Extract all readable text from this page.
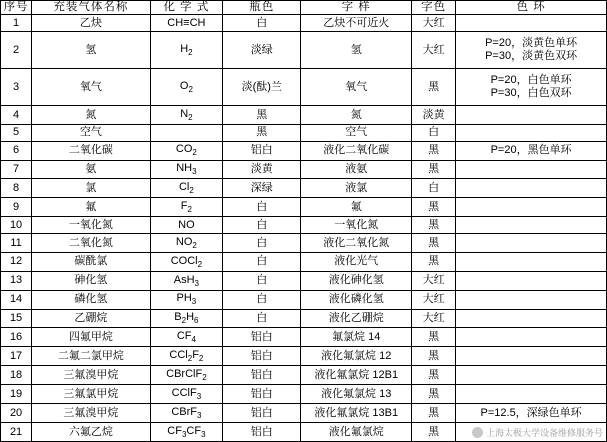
序号	充装气体名称	化 学 式	瓶色	字 样	字色	色 环
1	乙炔	CH≡CH	白	乙炔不可近火	大红	
2	氢	$H_2$	淡绿	氢	大红	P=20，淡黄色单环
P=30，淡黄色双环

3	氧气	$O_2$	淡(酞)兰	氧气	黑	P=20，白色单环
P=30，白色双环

4	氮	$N_2$	黑	氮	淡黄	
5	空气		黑	空气	白	
6	二氧化碳	$CO_2$	铝白	液化二氧化碳	黑	P=20，黑色单环

7	氨	$NH_3$	淡黄	液氨	黑	
8	氯	$Cl_2$	深绿	液氯	白	
9	氟	$F_2$	白	氟	黑	
10	一氧化氮	NO	白	一氧化氮	黑	
11	二氧化氮	$NO_2$	白	液化二氧化氮	黑	
12	碳酰氯	COCl$_2$	白	液化光气	黑	
13	砷化氢	AsH$_3$	白	液化砷化氢	大红	
14	磷化氢	$PH_3$	白	液化磷化氢	大红	
15	乙硼烷	$B_2H_6$	白	液化乙硼烷	大红	
16	四氟甲烷	$CF_4$	铝白	氟氯烷 14	黑	
17	二氟二氯甲烷	$CCl_2F_2$	铝白	液化氟氯烷 12	黑	
18	三氟溴甲烷	CBrClF$_2$	铝白	液化氟氯烷 12B1	黑	
19	三氟氯甲烷	CClF$_3$	铝白	液化氟氯烷 13	黑	
20	三氟溴甲烷	CBrF$_3$	铝白	液化氟氯烷 13B1	黑	P=12.5，深绿色单环

21	六氟乙烷	$CF_3CF_3$	铝白	液化氟氯烷	黑		上海太极大学设备维修服务号
